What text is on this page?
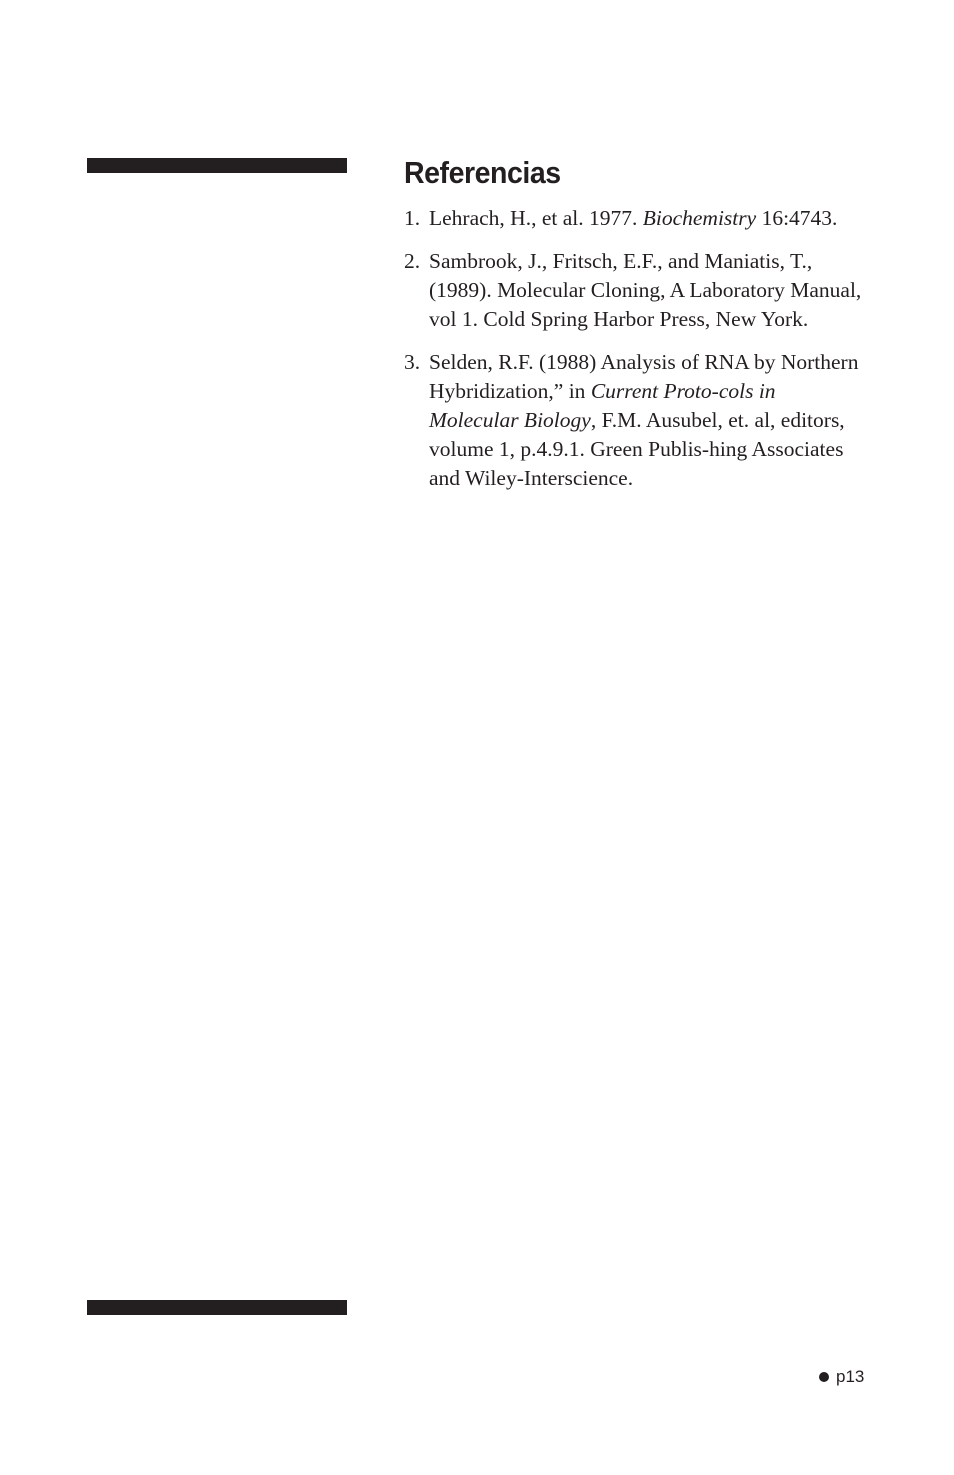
Referencias
1. Lehrach, H., et al. 1977. Biochemistry 16:4743.
2. Sambrook, J., Fritsch, E.F., and Maniatis, T., (1989). Molecular Cloning, A Laboratory Manual, vol 1. Cold Spring Harbor Press, New York.
3. Selden, R.F. (1988) Analysis of RNA by Northern Hybridization,” in Current Proto-cols in Molecular Biology, F.M. Ausubel, et. al, editors, volume 1, p.4.9.1. Green Publis-hing Associates and Wiley-Interscience.
p13
